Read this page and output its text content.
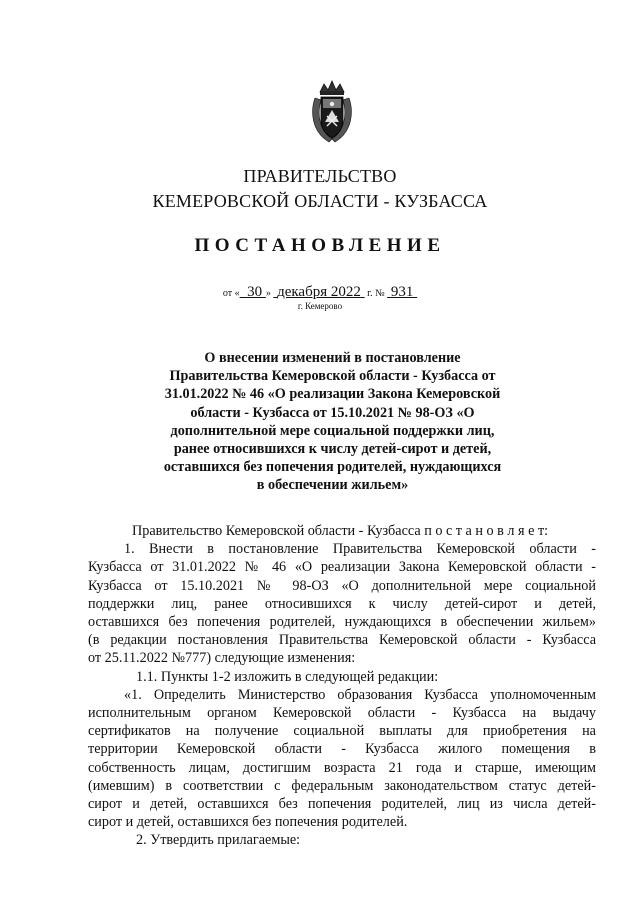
ПРАВИТЕЛЬСТВО
КЕМЕРОВСКОЙ ОБЛАСТИ - КУЗБАССА
ПОСТАНОВЛЕНИЕ
от « 30 » декабря 2022 г. № 931
г. Кемерово
О внесении изменений в постановление
Правительства Кемеровской области - Кузбасса от
31.01.2022 № 46 «О реализации Закона Кемеровской
области - Кузбасса от 15.10.2021 № 98-ОЗ «О
дополнительной мере социальной поддержки лиц,
ранее относившихся к числу детей-сирот и детей,
оставшихся без попечения родителей, нуждающихся
в обеспечении жильем»
Правительство Кемеровской области - Кузбасса п о с т а н о в л я е т:
1. Внести в постановление Правительства Кемеровской области -
Кузбасса от 31.01.2022 № 46 «О реализации Закона Кемеровской области -
Кузбасса от 15.10.2021 № 98-ОЗ «О дополнительной мере социальной
поддержки лиц, ранее относившихся к числу детей-сирот и детей,
оставшихся без попечения родителей, нуждающихся в обеспечении жильем»
(в редакции постановления Правительства Кемеровской области - Кузбасса
от 25.11.2022 №777) следующие изменения:
1.1. Пункты 1-2 изложить в следующей редакции:
«1. Определить Министерство образования Кузбасса уполномоченным
исполнительным органом Кемеровской области - Кузбасса на выдачу
сертификатов на получение социальной выплаты для приобретения на
территории Кемеровской области - Кузбасса жилого помещения в
собственность лицам, достигшим возраста 21 года и старше, имеющим
(имевшим) в соответствии с федеральным законодательством статус детей-
сирот и детей, оставшихся без попечения родителей, лиц из числа детей-
сирот и детей, оставшихся без попечения родителей.
2. Утвердить прилагаемые:
